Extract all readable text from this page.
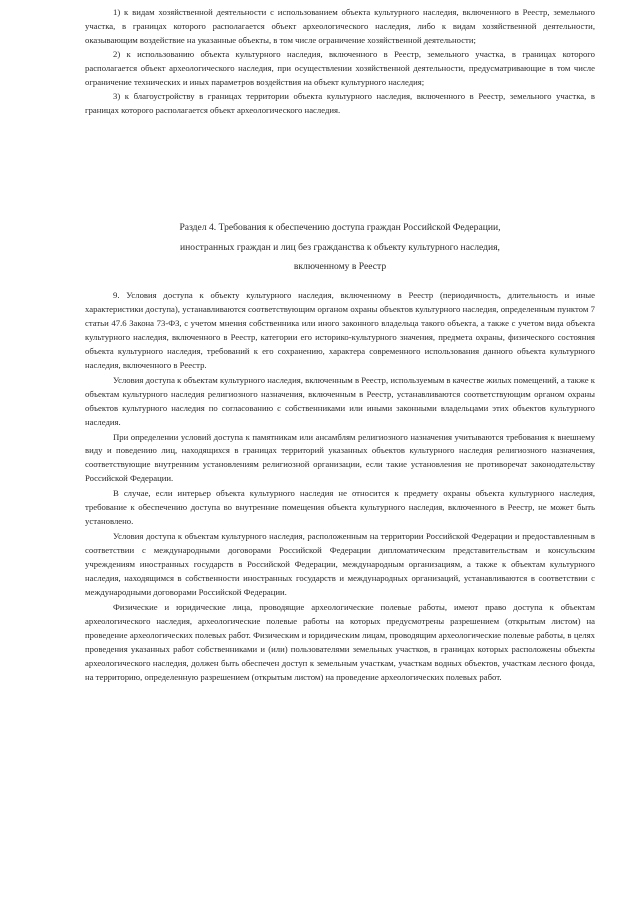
1) к видам хозяйственной деятельности с использованием объекта культурного наследия, включенного в Реестр, земельного участка, в границах которого располагается объект археологического наследия, либо к видам хозяйственной деятельности, оказывающим воздействие на указанные объекты, в том числе ограничение хозяйственной деятельности;

2) к использованию объекта культурного наследия, включенного в Реестр, земельного участка, в границах которого располагается объект археологического наследия, при осуществлении хозяйственной деятельности, предусматривающие в том числе ограничение технических и иных параметров воздействия на объект культурного наследия;

3) к благоустройству в границах территории объекта культурного наследия, включенного в Реестр, земельного участка, в границах которого располагается объект археологического наследия.

Раздел 4. Требования к обеспечению доступа граждан Российской Федерации,

иностранных граждан и лиц без гражданства к объекту культурного наследия,

включенному в Реестр

9. Условия доступа к объекту культурного наследия, включенному в Реестр (периодичность, длительность и иные характеристики доступа), устанавливаются соответствующим органом охраны объектов культурного наследия, определенным пунктом 7 статьи 47.6 Закона 73-ФЗ, с учетом мнения собственника или иного законного владельца такого объекта, а также с учетом вида объекта культурного наследия, включенного в Реестр, категории его историко-культурного значения, предмета охраны, физического состояния объекта культурного наследия, требований к его сохранению, характера современного использования данного объекта культурного наследия, включенного в Реестр.

Условия доступа к объектам культурного наследия, включенным в Реестр, используемым в качестве жилых помещений, а также к объектам культурного наследия религиозного назначения, включенным в Реестр, устанавливаются соответствующим органом охраны объектов культурного наследия по согласованию с собственниками или иными законными владельцами этих объектов культурного наследия.

При определении условий доступа к памятникам или ансамблям религиозного назначения учитываются требования к внешнему виду и поведению лиц, находящихся в границах территорий указанных объектов культурного наследия религиозного назначения, соответствующие внутренним установлениям религиозной организации, если такие установления не противоречат законодательству Российской Федерации.

В случае, если интерьер объекта культурного наследия не относится к предмету охраны объекта культурного наследия, требование к обеспечению доступа во внутренние помещения объекта культурного наследия, включенного в Реестр, не может быть установлено.

Условия доступа к объектам культурного наследия, расположенным на территории Российской Федерации и предоставленным в соответствии с международными договорами Российской Федерации дипломатическим представительствам и консульским учреждениям иностранных государств в Российской Федерации, международным организациям, а также к объектам культурного наследия, находящимся в собственности иностранных государств и международных организаций, устанавливаются в соответствии с международными договорами Российской Федерации.

Физические и юридические лица, проводящие археологические полевые работы, имеют право доступа к объектам археологического наследия, археологические полевые работы на которых предусмотрены разрешением (открытым листом) на проведение археологических полевых работ. Физическим и юридическим лицам, проводящим археологические полевые работы, в целях проведения указанных работ собственниками и (или) пользователями земельных участков, в границах которых расположены объекты археологического наследия, должен быть обеспечен доступ к земельным участкам, участкам водных объектов, участкам лесного фонда, на территорию, определенную разрешением (открытым листом) на проведение археологических полевых работ.
